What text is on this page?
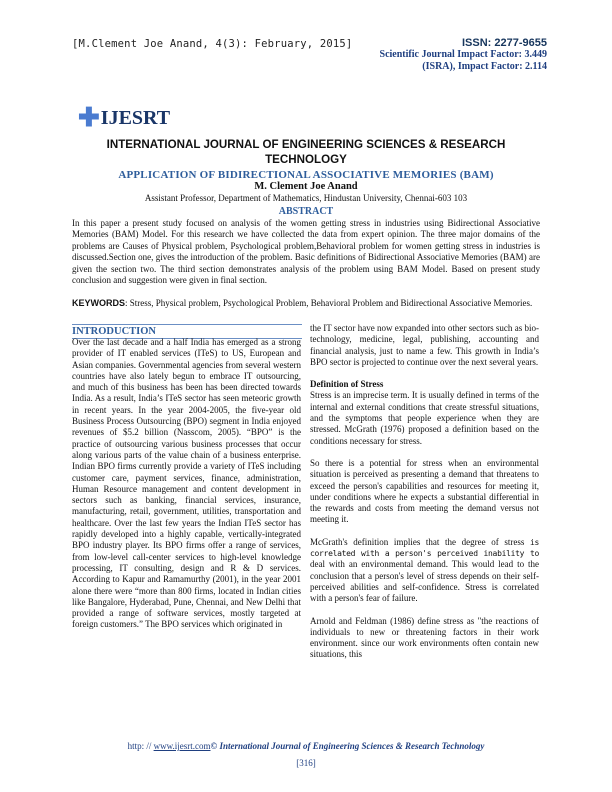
[M.Clement Joe Anand, 4(3): February, 2015]	ISSN: 2277-9655
Scientific Journal Impact Factor: 3.449
(ISRA), Impact Factor: 2.114
✚IJESRT
INTERNATIONAL JOURNAL OF ENGINEERING SCIENCES & RESEARCH
TECHNOLOGY
APPLICATION OF BIDIRECTIONAL ASSOCIATIVE MEMORIES (BAM)
M. Clement Joe Anand
Assistant Professor, Department of Mathematics, Hindustan University, Chennai-603 103
ABSTRACT
In this paper a present study focused on analysis of the women getting stress in industries using Bidirectional Associative Memories (BAM) Model. For this research we have collected the data from expert opinion. The three major domains of the problems are Causes of Physical problem, Psychological problem,Behavioral problem for women getting stress in industries is discussed.Section one, gives the introduction of the problem. Basic definitions of Bidirectional Associative Memories (BAM) are given the section two. The third section demonstrates analysis of the problem using BAM Model. Based on present study conclusion and suggestion were given in final section.
KEYWORDS: Stress, Physical problem, Psychological Problem, Behavioral Problem and Bidirectional Associative Memories.
INTRODUCTION

Over the last decade and a half India has emerged as a strong provider of IT enabled services (ITeS) to US, European and Asian companies. Governmental agencies from several western countries have also lately begun to embrace IT outsourcing, and much of this business has been has been directed towards India. As a result, India’s ITeS sector has seen meteoric growth in recent years. In the year 2004-2005, the five-year old Business Process Outsourcing (BPO) segment in India enjoyed revenues of $5.2 billion (Nasscom, 2005). “BPO” is the practice of outsourcing various business processes that occur along various parts of the value chain of a business enterprise. Indian BPO firms currently provide a variety of ITeS including customer care, payment services, finance, administration, Human Resource management and content development in sectors such as banking, financial services, insurance, manufacturing, retail, government, utilities, transportation and healthcare. Over the last few years the Indian ITeS sector has rapidly developed into a highly capable, vertically-integrated BPO industry player. Its BPO firms offer a range of services, from low-level call-center services to high-level knowledge processing, IT consulting, design and R & D services. According to Kapur and Ramamurthy (2001), in the year 2001 alone there were “more than 800 firms, located in Indian cities like Bangalore, Hyderabad, Pune, Chennai, and New Delhi that provided a range of software services, mostly targeted at foreign customers.” The BPO services which originated in

the IT sector have now expanded into other sectors such as bio-technology, medicine, legal, publishing, accounting and financial analysis, just to name a few. This growth in India’s BPO sector is projected to continue over the next several years.

Definition of Stress

Stress is an imprecise term. It is usually defined in terms of the internal and external conditions that create stressful situations, and the symptoms that people experience when they are stressed. McGrath (1976) proposed a definition based on the conditions necessary for stress.

So there is a potential for stress when an environmental situation is perceived as presenting a demand that threatens to exceed the person's capabilities and resources for meeting it, under conditions where he expects a substantial differential in the rewards and costs from meeting the demand versus not meeting it.

McGrath's definition implies that the degree of stress is correlated with a person's perceived inability to deal with an environmental demand. This would lead to the conclusion that a person's level of stress depends on their self-perceived abilities and self-confidence. Stress is correlated with a person's fear of failure.

Arnold and Feldman (1986) define stress as "the reactions of individuals to new or threatening factors in their work environment. since our work environments often contain new situations, this

http: // www.ijesrt.com© International Journal of Engineering Sciences & Research Technology
[316]
